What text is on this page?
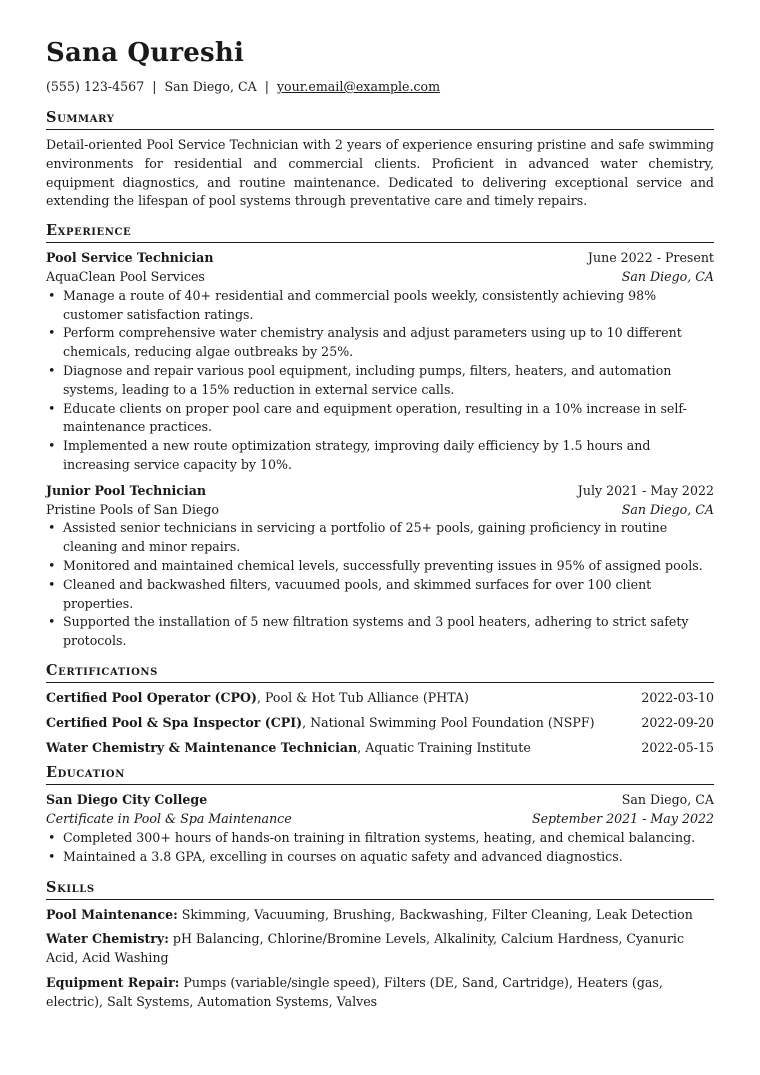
Sana Qureshi
(555) 123-4567 | San Diego, CA | your.email@example.com
Summary

Detail-oriented Pool Service Technician with 2 years of experience ensuring pristine and safe swimming environments for residential and commercial clients. Proficient in advanced water chemistry, equipment diagnostics, and routine maintenance. Dedicated to delivering exceptional service and extending the lifespan of pool systems through preventative care and timely repairs.

Experience
Pool Service Technician	June 2022 - Present
AquaClean Pool Services	San Diego, CA
• Manage a route of 40+ residential and commercial pools weekly, consistently achieving 98% customer satisfaction ratings.
• Perform comprehensive water chemistry analysis and adjust parameters using up to 10 different chemicals, reducing algae outbreaks by 25%.
• Diagnose and repair various pool equipment, including pumps, filters, heaters, and automation systems, leading to a 15% reduction in external service calls.
• Educate clients on proper pool care and equipment operation, resulting in a 10% increase in self-maintenance practices.
• Implemented a new route optimization strategy, improving daily efficiency by 1.5 hours and increasing service capacity by 10%.
Junior Pool Technician	July 2021 - May 2022
Pristine Pools of San Diego	San Diego, CA
• Assisted senior technicians in servicing a portfolio of 25+ pools, gaining proficiency in routine cleaning and minor repairs.
• Monitored and maintained chemical levels, successfully preventing issues in 95% of assigned pools.
• Cleaned and backwashed filters, vacuumed pools, and skimmed surfaces for over 100 client properties.
• Supported the installation of 5 new filtration systems and 3 pool heaters, adhering to strict safety protocols.
Certifications
Certified Pool Operator (CPO), Pool & Hot Tub Alliance (PHTA)	2022-03-10
Certified Pool & Spa Inspector (CPI), National Swimming Pool Foundation (NSPF)	2022-09-20
Water Chemistry & Maintenance Technician, Aquatic Training Institute	2022-05-15
Education
San Diego City College	San Diego, CA
Certificate in Pool & Spa Maintenance	September 2021 - May 2022
• Completed 300+ hours of hands-on training in filtration systems, heating, and chemical balancing.
• Maintained a 3.8 GPA, excelling in courses on aquatic safety and advanced diagnostics.
Skills
Pool Maintenance: Skimming, Vacuuming, Brushing, Backwashing, Filter Cleaning, Leak Detection
Water Chemistry: pH Balancing, Chlorine/Bromine Levels, Alkalinity, Calcium Hardness, Cyanuric Acid, Acid Washing
Equipment Repair: Pumps (variable/single speed), Filters (DE, Sand, Cartridge), Heaters (gas, electric), Salt Systems, Automation Systems, Valves
